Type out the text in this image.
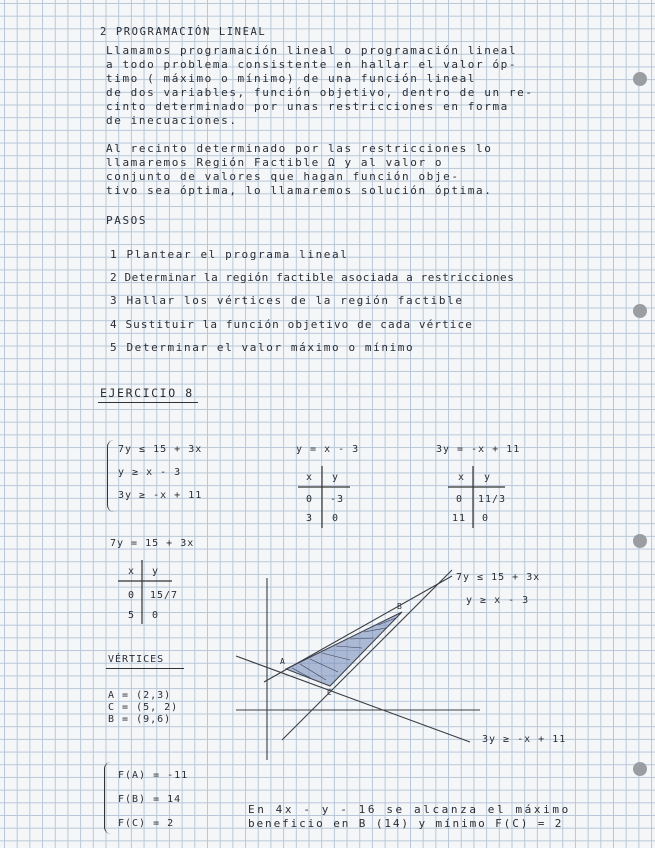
2 PROGRAMACIÓN LINEAL
Llamamos programación lineal o programación lineal
a todo problema consistente en hallar el valor óp-
timo ( máximo o mínimo) de una función lineal
de dos variables, función objetivo, dentro de un re-
cinto determinado por unas restricciones en forma
de inecuaciones.
Al recinto determinado por las restricciones lo
llamaremos Región Factible Ω y al valor o
conjunto de valores que hagan función obje-
tivo sea óptima, lo llamaremos solución óptima.
PASOS
1 Plantear el programa lineal
2 Determinar la región factible asociada a restricciones
3 Hallar los vértices de la región factible
4 Sustituir la función objetivo de cada vértice
5 Determinar el valor máximo o mínimo
EJERCICIO 8
7y ≤ 15 + 3x
y ≥ x - 3
3y ≥ -x + 11
y = x - 3
x y
0 -3
3 0
3y = -x + 11
x y
0 11/3
11 0
7y = 15 + 3x
x y
0 15/7
5 0
7y ≤ 15 + 3x
y ≥ x - 3
3y ≥ -x + 11
A
B
C
VÉRTICES
A = (2,3)
C = (5, 2)
B = (9,6)
F(A) = -11
F(B) = 14
F(C) = 2
En 4x - y - 16 se alcanza el máximo
beneficio en B (14) y mínimo F(C) = 2
